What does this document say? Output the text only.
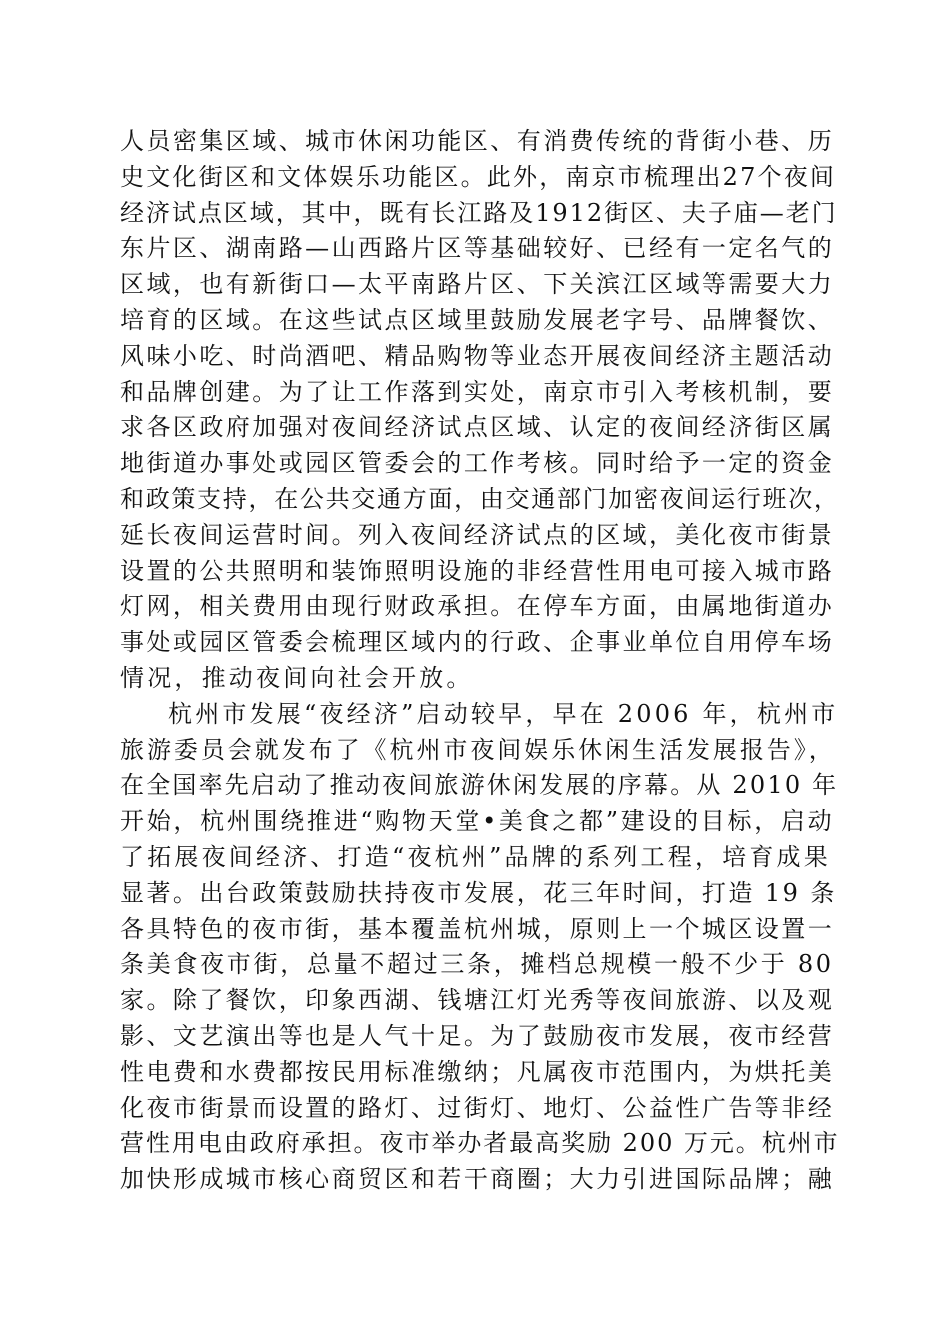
人员密集区域、城市休闲功能区、有消费传统的背街小巷、历
史文化街区和文体娱乐功能区。此外，南京市梳理出27个夜间
经济试点区域，其中，既有长江路及1912街区、夫子庙—老门
东片区、湖南路—山西路片区等基础较好、已经有一定名气的
区域，也有新街口—太平南路片区、下关滨江区域等需要大力
培育的区域。在这些试点区域里鼓励发展老字号、品牌餐饮、
风味小吃、时尚酒吧、精品购物等业态开展夜间经济主题活动
和品牌创建。为了让工作落到实处，南京市引入考核机制，要
求各区政府加强对夜间经济试点区域、认定的夜间经济街区属
地街道办事处或园区管委会的工作考核。同时给予一定的资金
和政策支持，在公共交通方面，由交通部门加密夜间运行班次，
延长夜间运营时间。列入夜间经济试点的区域，美化夜市街景
设置的公共照明和装饰照明设施的非经营性用电可接入城市路
灯网，相关费用由现行财政承担。在停车方面，由属地街道办
事处或园区管委会梳理区域内的行政、企事业单位自用停车场
情况，推动夜间向社会开放。
杭州市发展“夜经济”启动较早，早在 2006 年，杭州市
旅游委员会就发布了《杭州市夜间娱乐休闲生活发展报告》，
在全国率先启动了推动夜间旅游休闲发展的序幕。从 2010 年
开始，杭州围绕推进“购物天堂•美食之都”建设的目标，启动
了拓展夜间经济、打造“夜杭州”品牌的系列工程，培育成果
显著。出台政策鼓励扶持夜市发展，花三年时间，打造 19 条
各具特色的夜市街，基本覆盖杭州城，原则上一个城区设置一
条美食夜市街，总量不超过三条，摊档总规模一般不少于 80
家。除了餐饮，印象西湖、钱塘江灯光秀等夜间旅游、以及观
影、文艺演出等也是人气十足。为了鼓励夜市发展，夜市经营
性电费和水费都按民用标准缴纳；凡属夜市范围内，为烘托美
化夜市街景而设置的路灯、过街灯、地灯、公益性广告等非经
营性用电由政府承担。夜市举办者最高奖励 200 万元。杭州市
加快形成城市核心商贸区和若干商圈；大力引进国际品牌；融
